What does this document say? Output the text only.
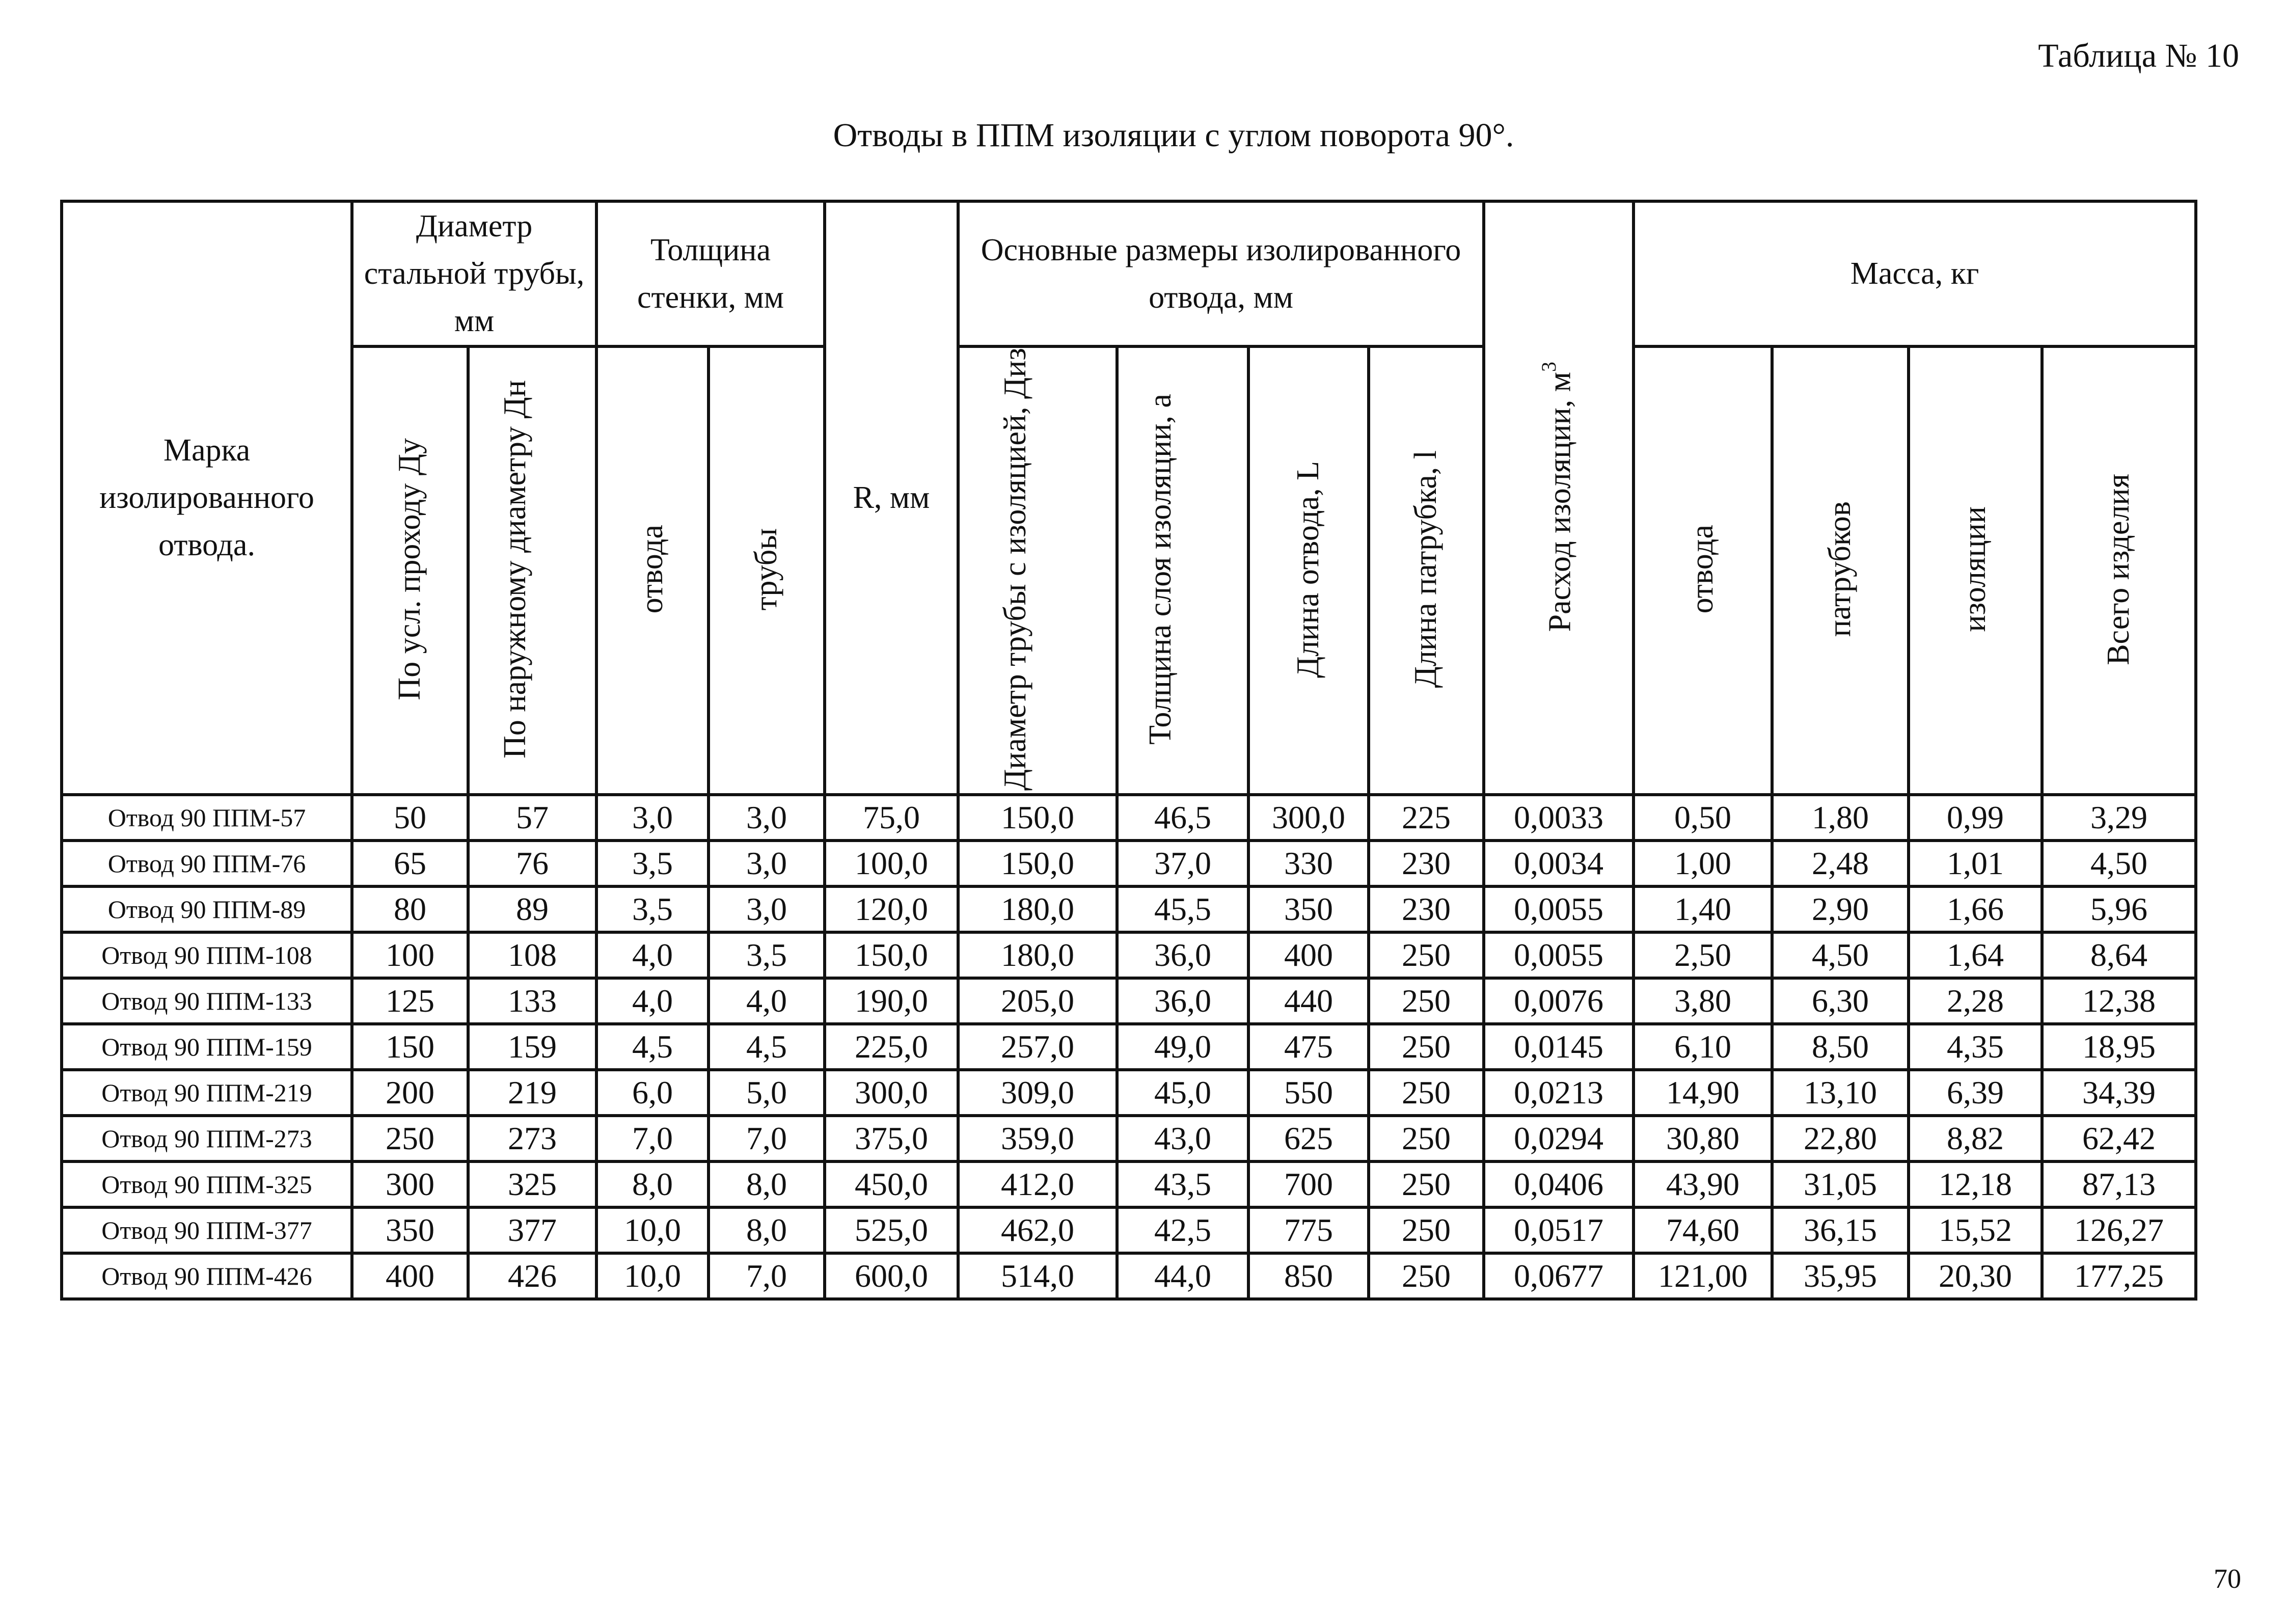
Таблица № 10
Отводы в ППМ изоляции с углом поворота 90°.
Марка изолированного отвода.	Диаметр стальной трубы, мм		Толщина стенки, мм		R, мм	Основные размеры изолированного отвода, мм				Расход изоляции, $м^3$	Масса, кг			
	По усл. проходу Ду	По наружному диаметру Дн	отвода	трубы		Диаметр трубы с изоляцией, Диз	Толщина слоя изоляции, а	Длина отвода, L	Длина патрубка, l		отвода	патрубков	изоляции	Всего изделия
Отвод 90 ППМ-57	50	57	3,0	3,0	75,0	150,0	46,5	300,0	225	0,0033	0,50	1,80	0,99	3,29
Отвод 90 ППМ-76	65	76	3,5	3,0	100,0	150,0	37,0	330	230	0,0034	1,00	2,48	1,01	4,50
Отвод 90 ППМ-89	80	89	3,5	3,0	120,0	180,0	45,5	350	230	0,0055	1,40	2,90	1,66	5,96
Отвод 90 ППМ-108	100	108	4,0	3,5	150,0	180,0	36,0	400	250	0,0055	2,50	4,50	1,64	8,64
Отвод 90 ППМ-133	125	133	4,0	4,0	190,0	205,0	36,0	440	250	0,0076	3,80	6,30	2,28	12,38
Отвод 90 ППМ-159	150	159	4,5	4,5	225,0	257,0	49,0	475	250	0,0145	6,10	8,50	4,35	18,95
Отвод 90 ППМ-219	200	219	6,0	5,0	300,0	309,0	45,0	550	250	0,0213	14,90	13,10	6,39	34,39
Отвод 90 ППМ-273	250	273	7,0	7,0	375,0	359,0	43,0	625	250	0,0294	30,80	22,80	8,82	62,42
Отвод 90 ППМ-325	300	325	8,0	8,0	450,0	412,0	43,5	700	250	0,0406	43,90	31,05	12,18	87,13
Отвод 90 ППМ-377	350	377	10,0	8,0	525,0	462,0	42,5	775	250	0,0517	74,60	36,15	15,52	126,27
Отвод 90 ППМ-426	400	426	10,0	7,0	600,0	514,0	44,0	850	250	0,0677	121,00	35,95	20,30	177,25
70
